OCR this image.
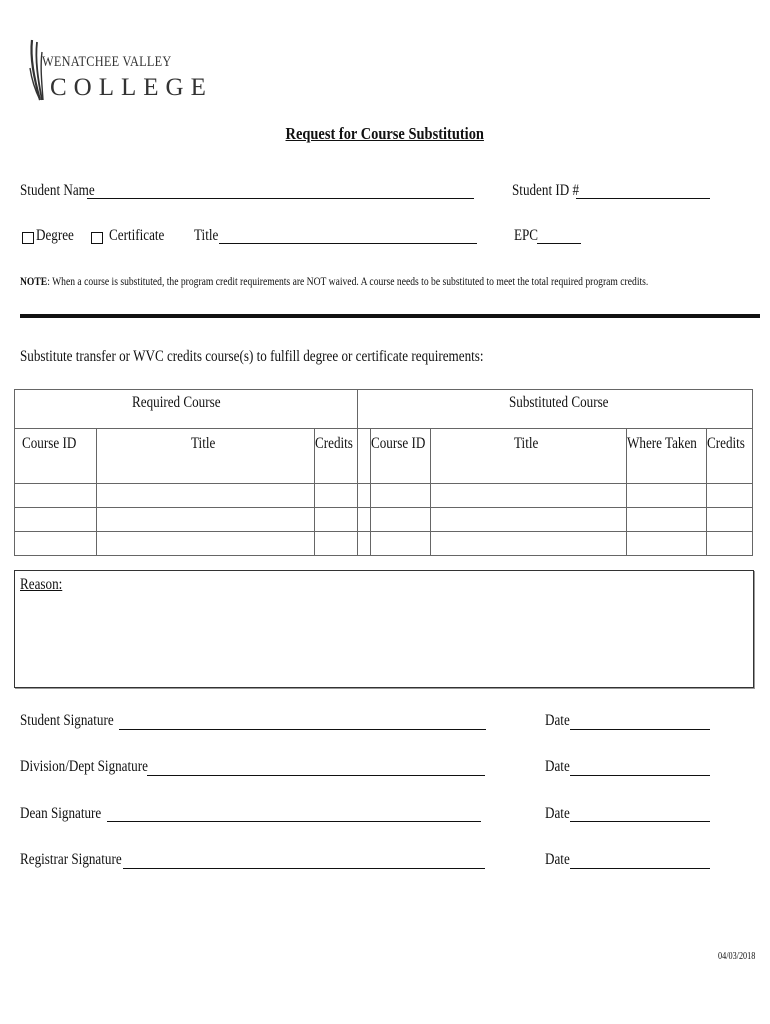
WENATCHEE VALLEY
COLLEGE
Request for Course Substitution
Student Name	Student ID #
Degree	Certificate	Title	EPC
NOTE: When a course is substituted, the program credit requirements are NOT waived. A course needs to be substituted to meet the total required program credits.
Substitute transfer or WVC credits course(s) to fulfill degree or certificate requirements:
Required Course			Substituted Course				
Course ID	Title	Credits		Course ID	Title	Where Taken	Credits

Reason:
Student Signature	Date
Division/Dept Signature	Date
Dean Signature	Date
Registrar Signature	Date
04/03/2018
